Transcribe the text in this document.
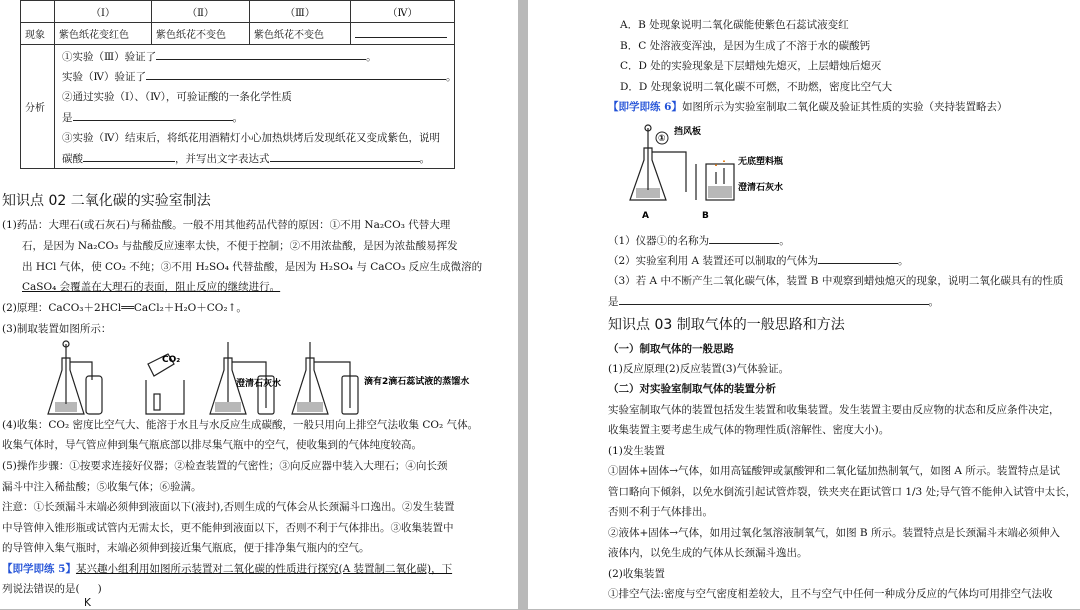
	（Ⅰ）	（Ⅱ）	（Ⅲ）	（Ⅳ）
现象	紫色纸花变红色	紫色纸花不变色	紫色纸花不变色	
分析				
①实验（Ⅲ）验证了	。
实验（Ⅳ）验证了	。
②通过实验（Ⅰ）、（Ⅳ），可验证酸的一条化学性质
是	。
③实验（Ⅳ）结束后，将纸花用酒精灯小心加热烘烤后发现纸花又变成紫色，说明
碳酸	，并写出文字表达式	。
知识点 02 二氧化碳的实验室制法
(1)药品：大理石(或石灰石)与稀盐酸。一般不用其他药品代替的原因：①不用 Na₂CO₃ 代替大理
石，是因为 Na₂CO₃ 与盐酸反应速率太快，不便于控制；②不用浓盐酸，是因为浓盐酸易挥发
出 HCl 气体，使 CO₂ 不纯；③不用 H₂SO₄ 代替盐酸，是因为 H₂SO₄ 与 CaCO₃ 反应生成微溶的
CaSO₄ 会覆盖在大理石的表面，阻止反应的继续进行。
(2)原理：CaCO₃＋2HCl══CaCl₂＋H₂O＋CO₂↑。
(3)制取装置如图所示：
CO₂
澄清石灰水	滴有2滴石蕊试液的蒸馏水
(4)收集：CO₂ 密度比空气大、能溶于水且与水反应生成碳酸，一般只用向上排空气法收集 CO₂ 气体。
收集气体时，导气管应伸到集气瓶底部以排尽集气瓶中的空气，使收集到的气体纯度较高。
(5)操作步骤：①按要求连接好仪器；②检查装置的气密性；③向反应器中装入大理石；④向长颈
漏斗中注入稀盐酸；⑤收集气体；⑥验满。
注意：①长颈漏斗末端必须伸到液面以下(液封),否则生成的气体会从长颈漏斗口逸出。②发生装置
中导管伸入锥形瓶或试管内无需太长，更不能伸到液面以下，否则不利于气体排出。③收集装置中
的导管伸入集气瓶时，末端必须伸到接近集气瓶底，便于排净集气瓶内的空气。
【即学即练 5】某兴趣小组利用如图所示装置对二氧化碳的性质进行探究(A 装置制二氧化碳)，下
列说法错误的是( )
K
A．B 处现象说明二氧化碳能使紫色石蕊试液变红
B．C 处溶液变浑浊，是因为生成了不溶于水的碳酸钙
C．D 处的实验现象是下层蜡烛先熄灭，上层蜡烛后熄灭
D．D 处现象说明二氧化碳不可燃，不助燃，密度比空气大
【即学即练 6】如图所示为实验室制取二氧化碳及验证其性质的实验（夹持装置略去）
①
挡风板
无底塑料瓶
澄清石灰水
A	B
（1）仪器①的名称为	。
（2）实验室利用 A 装置还可以制取的气体为	。
（3）若 A 中不断产生二氧化碳气体，装置 B 中观察到蜡烛熄灭的现象，说明二氧化碳具有的性质
是	。
知识点 03 制取气体的一般思路和方法
（一）制取气体的一般思路
(1)反应原理(2)反应装置(3)气体验证。
（二）对实验室制取气体的装置分析
实验室制取气体的装置包括发生装置和收集装置。发生装置主要由反应物的状态和反应条件决定，
收集装置主要考虑生成气体的物理性质(溶解性、密度大小)。
(1)发生装置
①固体+固体→气体，如用高锰酸钾或氯酸钾和二氧化锰加热制氧气，如图 A 所示。装置特点是试
管口略向下倾斜，以免水倒流引起试管炸裂，铁夹夹在距试管口 1/3 处;导气管不能伸入试管中太长，
否则不利于气体排出。
②液体+固体→气体，如用过氧化氢溶液制氧气，如图 B 所示。装置特点是长颈漏斗末端必须伸入
液体内，以免生成的气体从长颈漏斗逸出。
(2)收集装置
①排空气法:密度与空气密度相差较大，且不与空气中任何一种成分反应的气体均可用排空气法收
